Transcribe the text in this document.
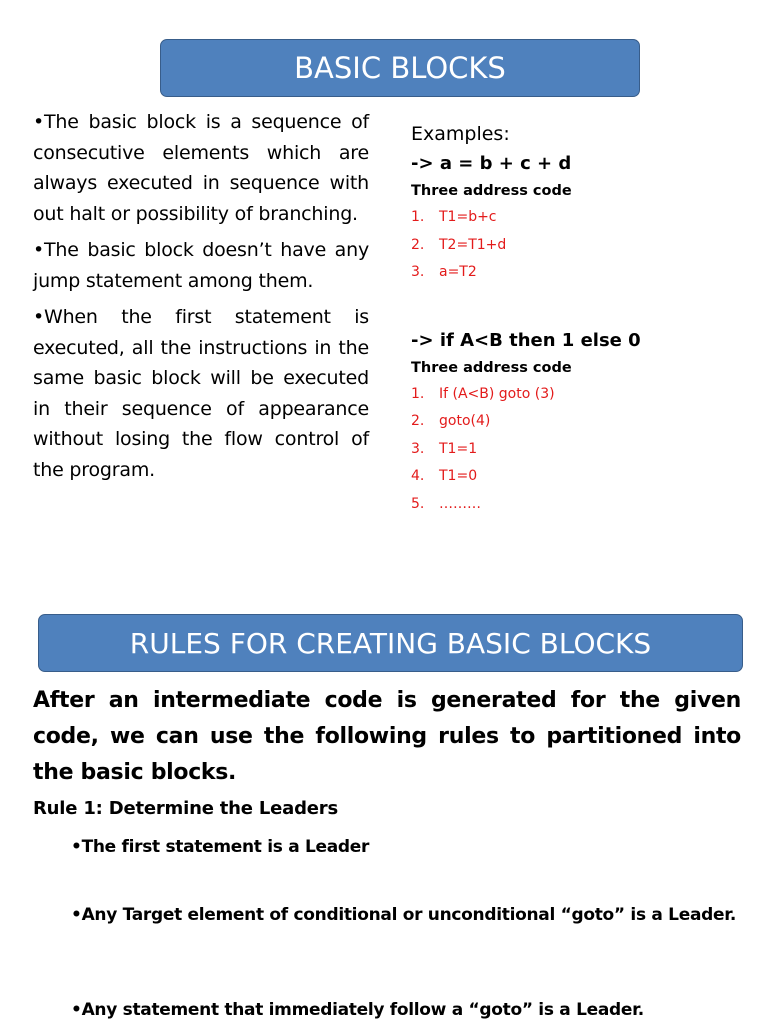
BASIC BLOCKS

•The basic block is a sequence of consecutive elements which are always executed in sequence with out halt or possibility of branching.

•The basic block doesn’t have any jump statement among them.

•When the first statement is executed, all the instructions in the same basic block will be executed in their sequence of appearance without losing the flow control of the program.

Examples:
-> a = b + c + d
Three address code
1. T1=b+c
2. T2=T1+d
3. a=T2
-> if A<B then 1 else 0
Three address code
1. If (A<B) goto (3)
2. goto(4)
3. T1=1
4. T1=0
5. ………
RULES FOR CREATING BASIC BLOCKS
After an intermediate code is generated for the given code, we can use the following rules to partitioned into the basic blocks.
Rule 1: Determine the Leaders
•The first statement is a Leader
•Any Target element of conditional or unconditional “goto” is a Leader.
•Any statement that immediately follow a “goto” is a Leader.
